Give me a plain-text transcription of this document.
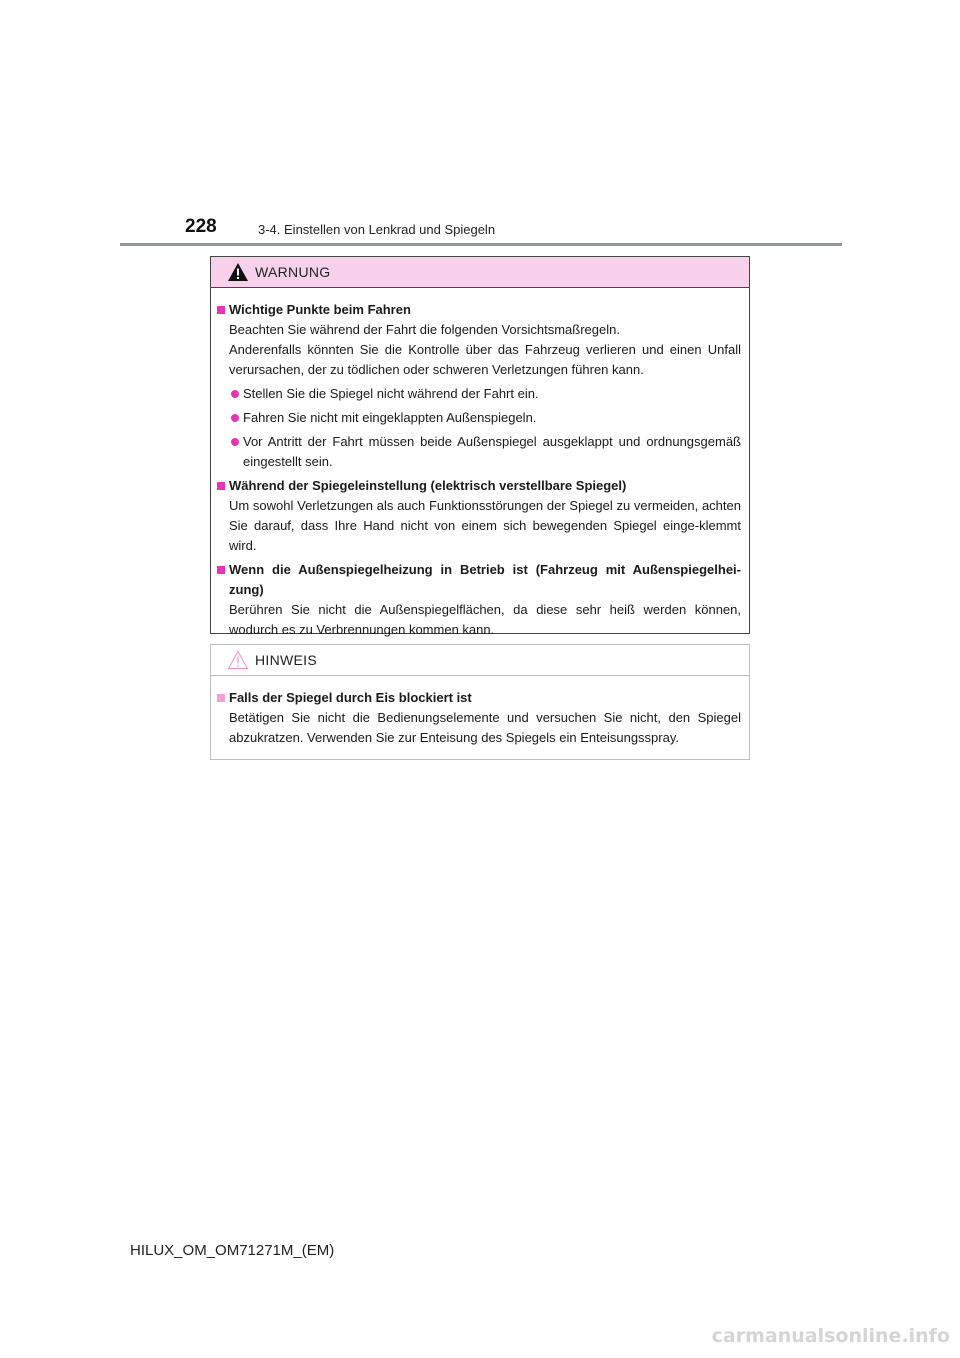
228	3-4. Einstellen von Lenkrad und Spiegeln
WARNUNG
Wichtige Punkte beim Fahren
Beachten Sie während der Fahrt die folgenden Vorsichtsmaßregeln.
Anderenfalls könnten Sie die Kontrolle über das Fahrzeug verlieren und einen Unfall verursachen, der zu tödlichen oder schweren Verletzungen führen kann.
Stellen Sie die Spiegel nicht während der Fahrt ein.
Fahren Sie nicht mit eingeklappten Außenspiegeln.
Vor Antritt der Fahrt müssen beide Außenspiegel ausgeklappt und ordnungsgemäß eingestellt sein.
Während der Spiegeleinstellung (elektrisch verstellbare Spiegel)
Um sowohl Verletzungen als auch Funktionsstörungen der Spiegel zu vermeiden, achten Sie darauf, dass Ihre Hand nicht von einem sich bewegenden Spiegel einge-klemmt wird.
Wenn die Außenspiegelheizung in Betrieb ist (Fahrzeug mit Außenspiegelhei-zung)
Berühren Sie nicht die Außenspiegelflächen, da diese sehr heiß werden können, wodurch es zu Verbrennungen kommen kann.
HINWEIS
Falls der Spiegel durch Eis blockiert ist
Betätigen Sie nicht die Bedienungselemente und versuchen Sie nicht, den Spiegel abzukratzen. Verwenden Sie zur Enteisung des Spiegels ein Enteisungsspray.
HILUX_OM_OM71271M_(EM)
carmanualsonline.info
